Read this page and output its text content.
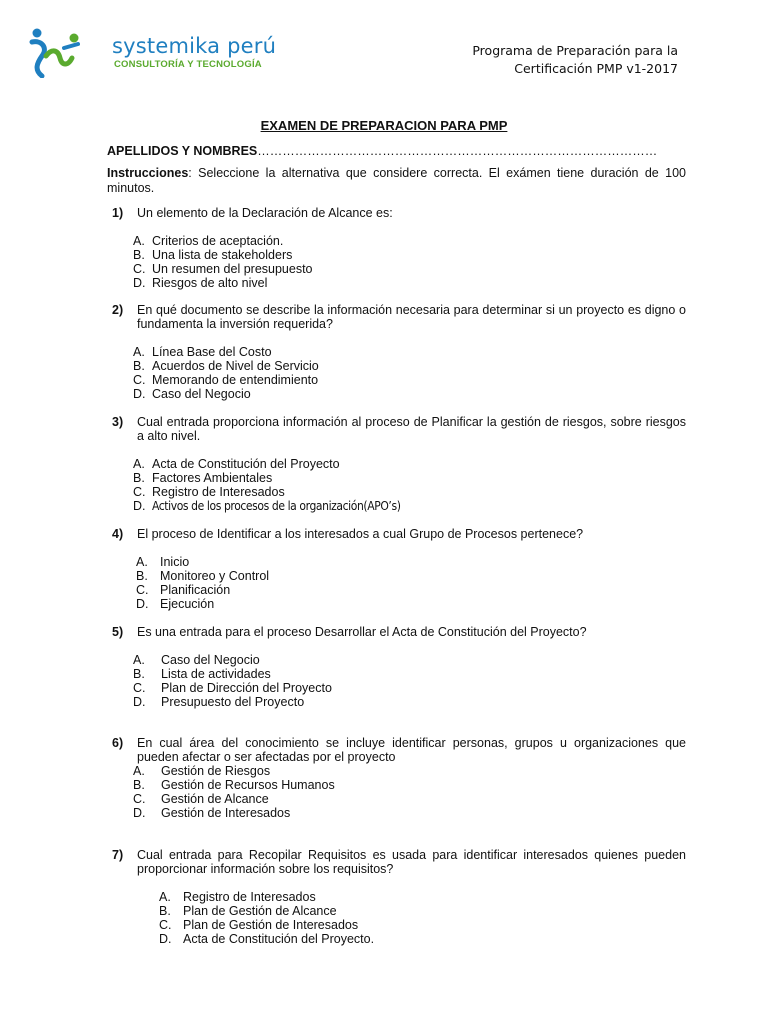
systemika perú
CONSULTORÍA Y TECNOLOGÍA
Programa de Preparación para la
Certificación PMP v1-2017
EXAMEN DE PREPARACION PARA PMP
APELLIDOS Y NOMBRES……………………………………………………………………………………
Instrucciones: Seleccione la alternativa que considere correcta. El exámen tiene duración de 100 minutos.
1) Un elemento de la Declaración de Alcance es:
A. Criterios de aceptación.
B. Una lista de stakeholders
C. Un resumen del presupuesto
D. Riesgos de alto nivel
2) En qué documento se describe la información necesaria para determinar si un proyecto es digno o fundamenta la inversión requerida?
A. Línea Base del Costo
B. Acuerdos de Nivel de Servicio
C. Memorando de entendimiento
D. Caso del Negocio
3) Cual entrada proporciona información al proceso de Planificar la gestión de riesgos, sobre riesgos a alto nivel.
A. Acta de Constitución del Proyecto
B. Factores Ambientales
C. Registro de Interesados
D. Activos de los procesos de la organización(APO’s)
4) El proceso de Identificar a los interesados a cual Grupo de Procesos pertenece?
A. Inicio
B. Monitoreo y Control
C. Planificación
D. Ejecución
5) Es una entrada para el proceso Desarrollar el Acta de Constitución del Proyecto?
A. Caso del Negocio
B. Lista de actividades
C. Plan de Dirección del Proyecto
D. Presupuesto del Proyecto
6) En cual área del conocimiento se incluye identificar personas, grupos u organizaciones que pueden afectar o ser afectadas por el proyecto
A. Gestión de Riesgos
B. Gestión de Recursos Humanos
C. Gestión de Alcance
D. Gestión de Interesados
7) Cual entrada para Recopilar Requisitos es usada para identificar interesados quienes pueden proporcionar información sobre los requisitos?
A. Registro de Interesados
B. Plan de Gestión de Alcance
C. Plan de Gestión de Interesados
D. Acta de Constitución del Proyecto.
